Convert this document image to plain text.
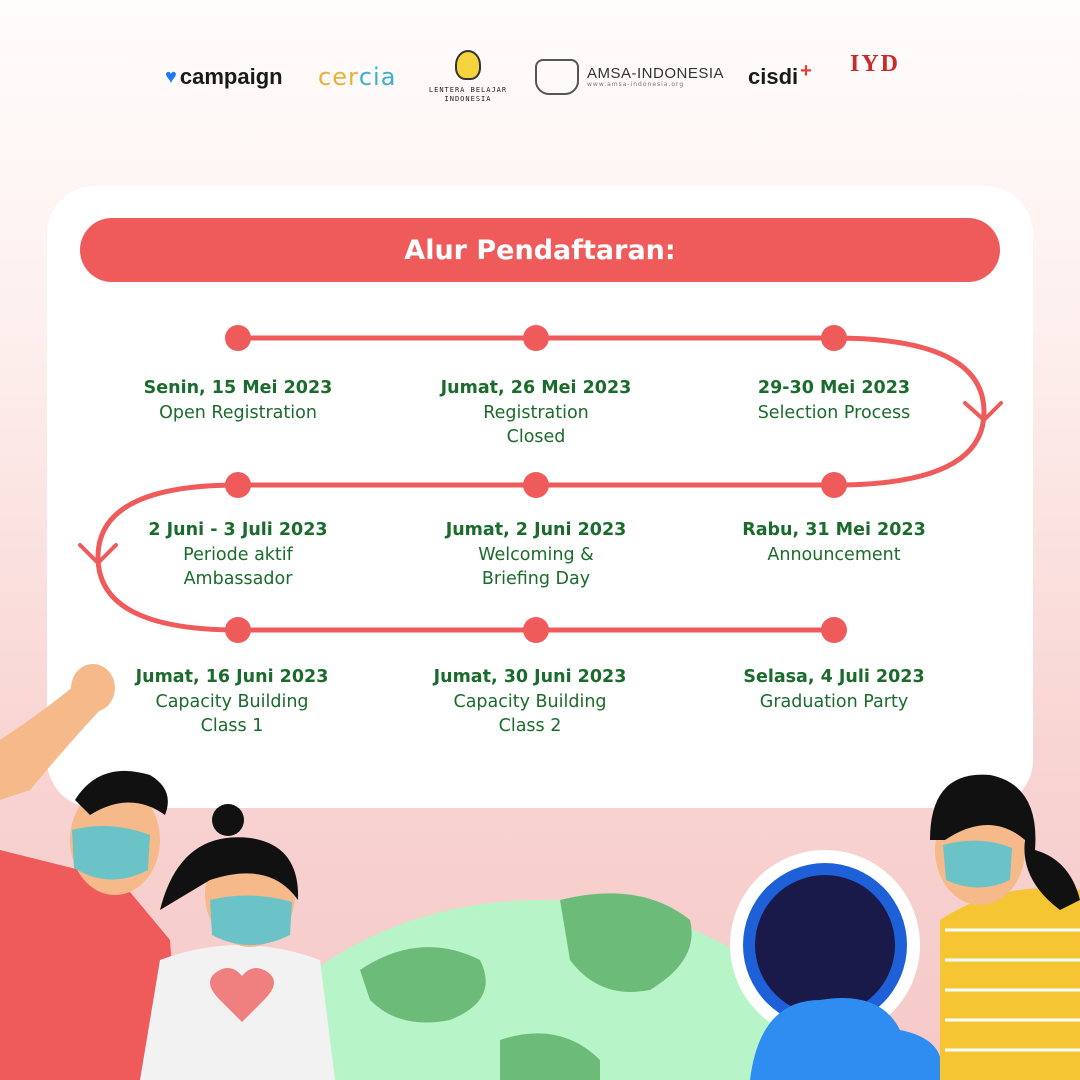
♥ campaign cer cia	LENTERA BELAJAR
INDONESIA
AMSA-INDONESIA
www.amsa-indonesia.org	cisdi + IYD
Alur Pendaftaran:
Senin, 15 Mei 2023
Open Registration
Jumat, 26 Mei 2023
Registration
Closed
29-30 Mei 2023
Selection Process
Rabu, 31 Mei 2023
Announcement
Jumat, 2 Juni 2023
Welcoming &
Briefing Day
2 Juni - 3 Juli 2023
Periode aktif
Ambassador
Jumat, 16 Juni 2023
Capacity Building
Class 1
Jumat, 30 Juni 2023
Capacity Building
Class 2
Selasa, 4 Juli 2023
Graduation Party
